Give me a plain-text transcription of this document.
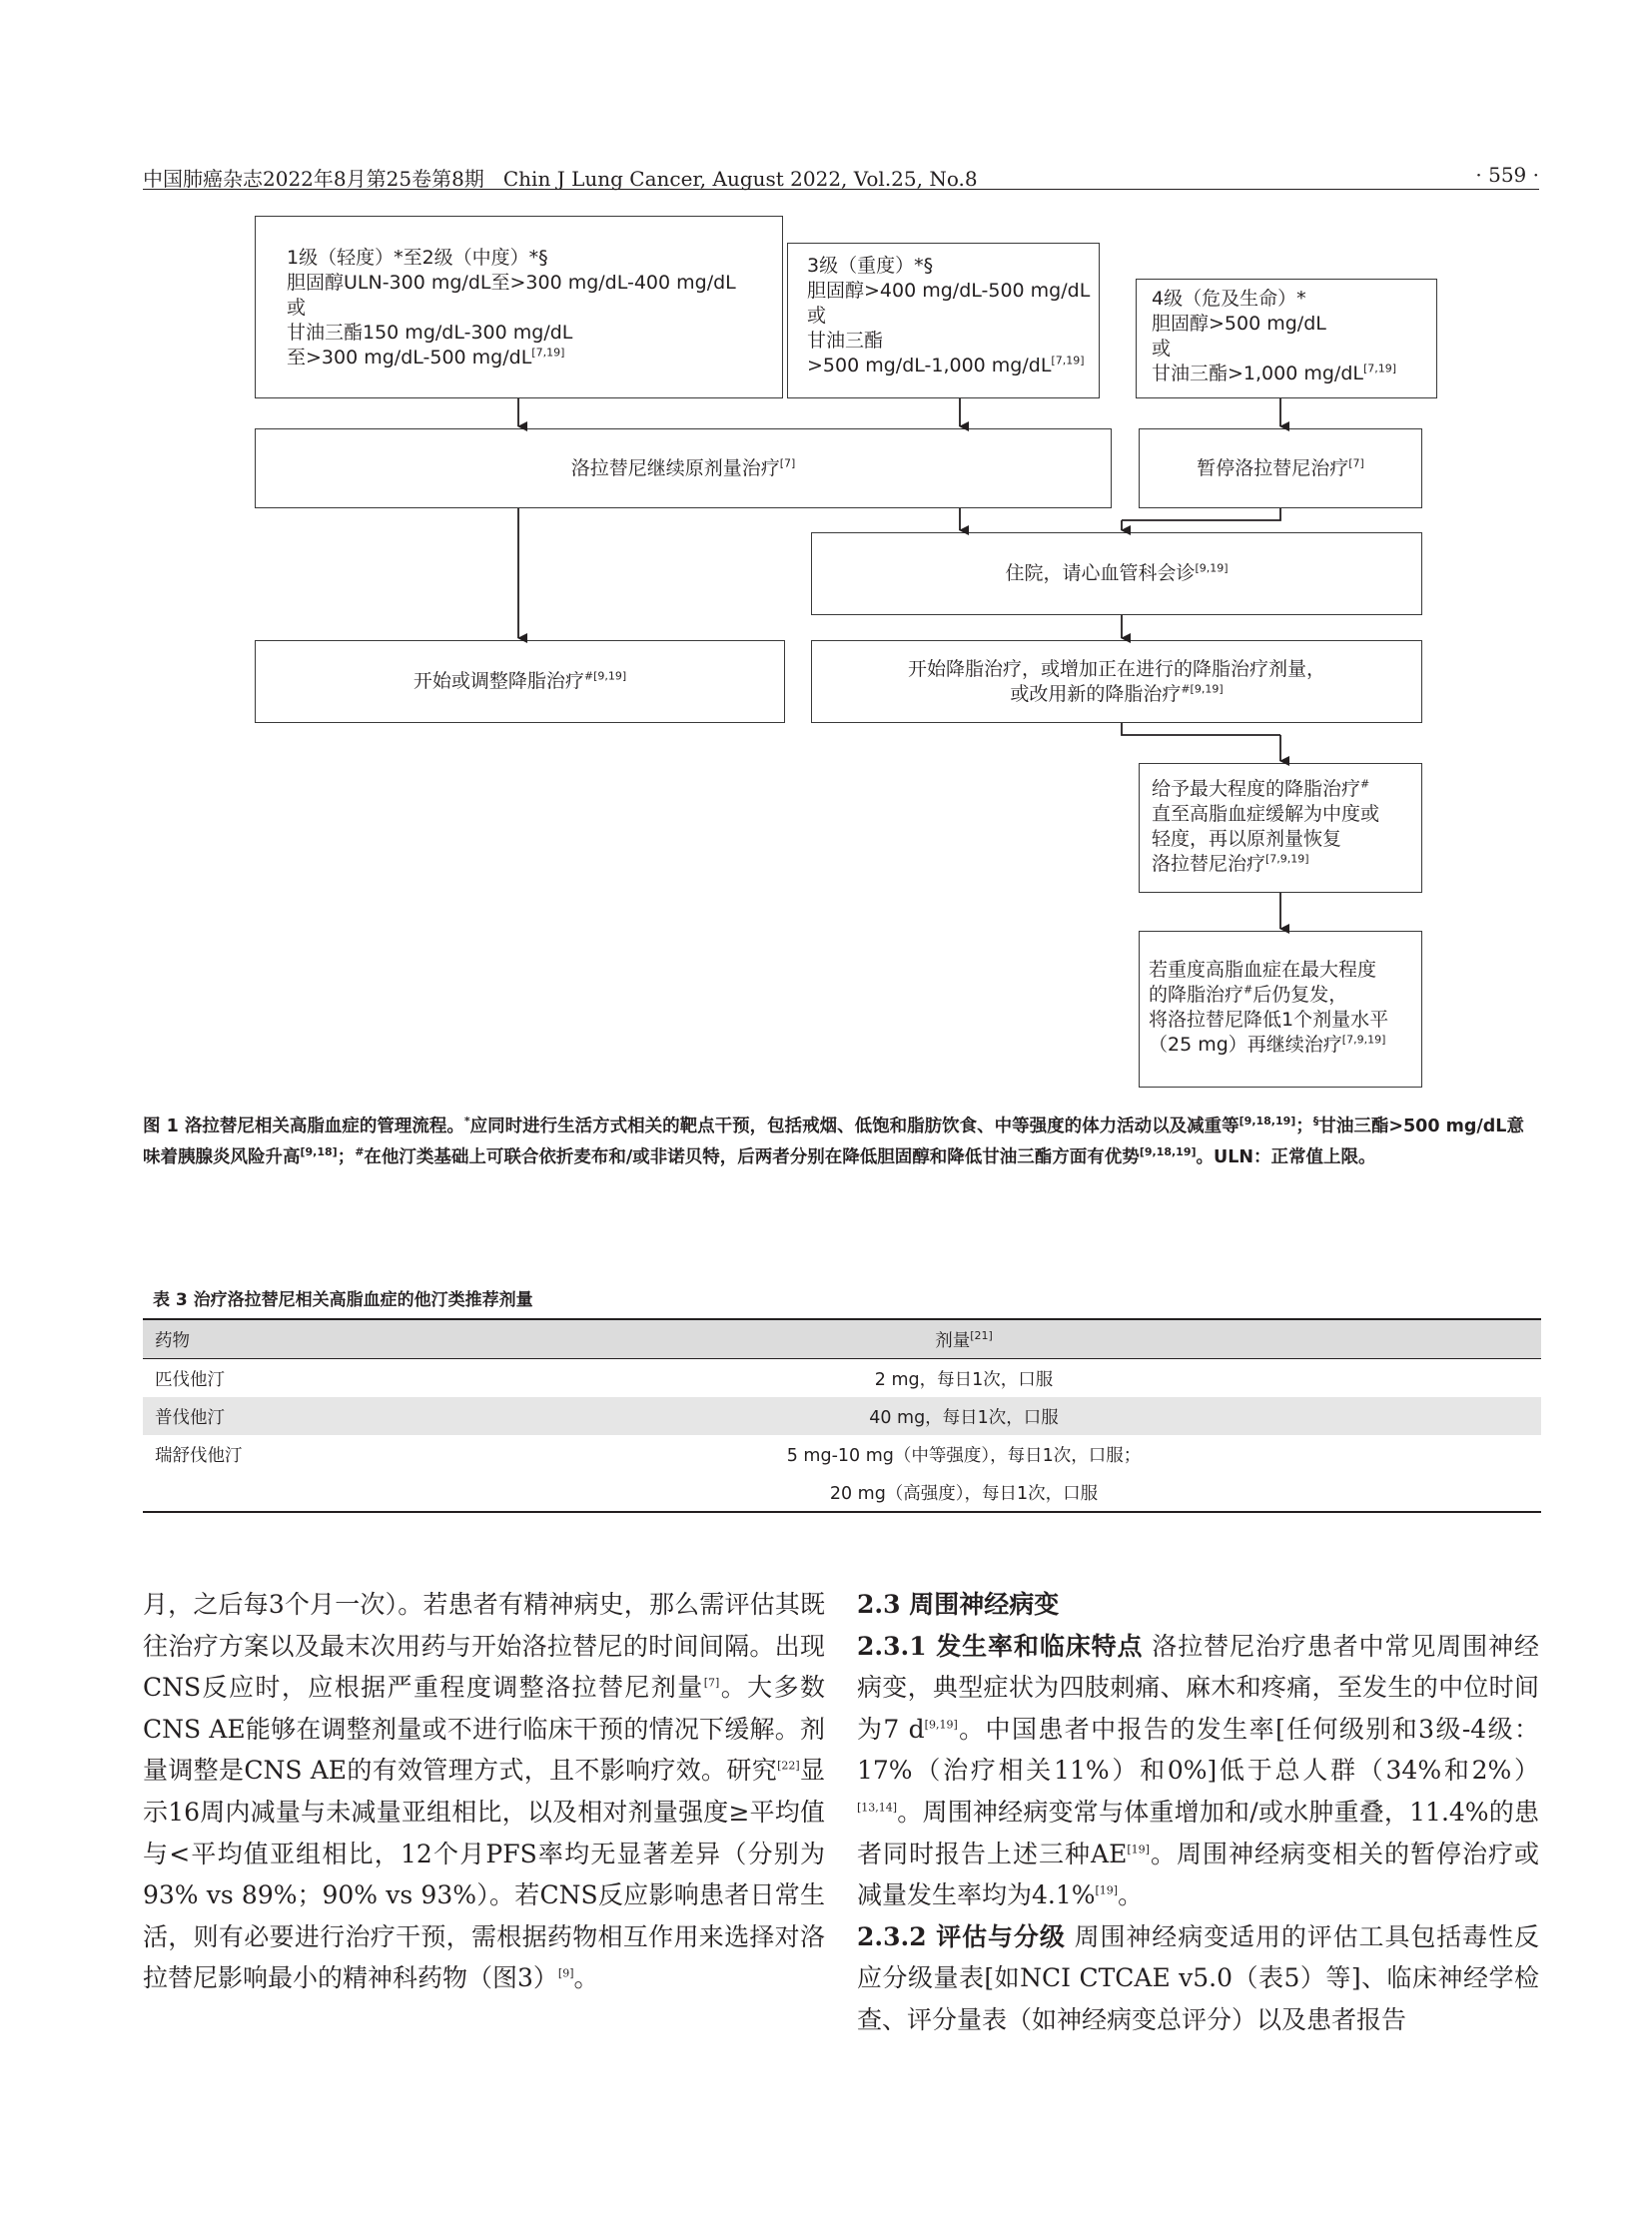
中国肺癌杂志2022年8月第25卷第8期 Chin J Lung Cancer, August 2022, Vol.25, No.8	· 559 ·
1级（轻度）*至2级（中度）*§
胆固醇ULN-300 mg/dL至>300 mg/dL-400 mg/dL
或
甘油三酯150 mg/dL-300 mg/dL
至>300 mg/dL-500 mg/dL[7,19]
3级（重度）*§
胆固醇>400 mg/dL-500 mg/dL
或
甘油三酯
>500 mg/dL-1,000 mg/dL[7,19]
4级（危及生命）*
胆固醇>500 mg/dL
或
甘油三酯>1,000 mg/dL[7,19]
洛拉替尼继续原剂量治疗[7]	暂停洛拉替尼治疗[7]
住院，请心血管科会诊[9,19]
开始或调整降脂治疗$^{\#[9,19]}$	开始降脂治疗，或增加正在进行的降脂治疗剂量，
或改用新的降脂治疗$^{\#[9,19]}$
给予最大程度的降脂治疗#
直至高脂血症缓解为中度或
轻度，再以原剂量恢复
洛拉替尼治疗[7,9,19]
若重度高脂血症在最大程度
的降脂治疗#后仍复发，
将洛拉替尼降低1个剂量水平
（25 mg）再继续治疗[7,9,19]
图 1 洛拉替尼相关高脂血症的管理流程。*应同时进行生活方式相关的靶点干预，包括戒烟、低饱和脂肪饮食、中等强度的体力活动以及减重等[9,18,19]；§甘油三酯>500 mg/dL意味着胰腺炎风险升高[9,18]；#在他汀类基础上可联合依折麦布和/或非诺贝特，后两者分别在降低胆固醇和降低甘油三酯方面有优势[9,18,19]。ULN：正常值上限。
表 3 治疗洛拉替尼相关高脂血症的他汀类推荐剂量
药物	剂量[21]
匹伐他汀	2 mg，每日1次，口服
普伐他汀	40 mg，每日1次，口服
瑞舒伐他汀	5 mg-10 mg（中等强度），每日1次，口服；
	20 mg（高强度），每日1次，口服
月，之后每3个月一次）。若患者有精神病史，那么需评估其既往治疗方案以及最末次用药与开始洛拉替尼的时间间隔。出现CNS反应时，应根据严重程度调整洛拉替尼剂量[7]。大多数CNS AE能够在调整剂量或不进行临床干预的情况下缓解。剂量调整是CNS AE的有效管理方式，且不影响疗效。研究[22]显示16周内减量与未减量亚组相比，以及相对剂量强度≥平均值与<平均值亚组相比，12个月PFS率均无显著差异（分别为93% vs 89%；90% vs 93%）。若CNS反应影响患者日常生活，则有必要进行治疗干预，需根据药物相互作用来选择对洛拉替尼影响最小的精神科药物（图3）[9]。
2.3 周围神经病变
2.3.1 发生率和临床特点 洛拉替尼治疗患者中常见周围神经病变，典型症状为四肢刺痛、麻木和疼痛，至发生的中位时间为7 d[9,19]。中国患者中报告的发生率[任何级别和3级-4级：17%（治疗相关11%）和0%]低于总人群（34%和2%）[13,14]。周围神经病变常与体重增加和/或水肿重叠，11.4%的患者同时报告上述三种AE[19]。周围神经病变相关的暂停治疗或减量发生率均为4.1%[19]。
2.3.2 评估与分级 周围神经病变适用的评估工具包括毒性反应分级量表[如NCI CTCAE v5.0（表5）等]、临床神经学检查、评分量表（如神经病变总评分）以及患者报告
